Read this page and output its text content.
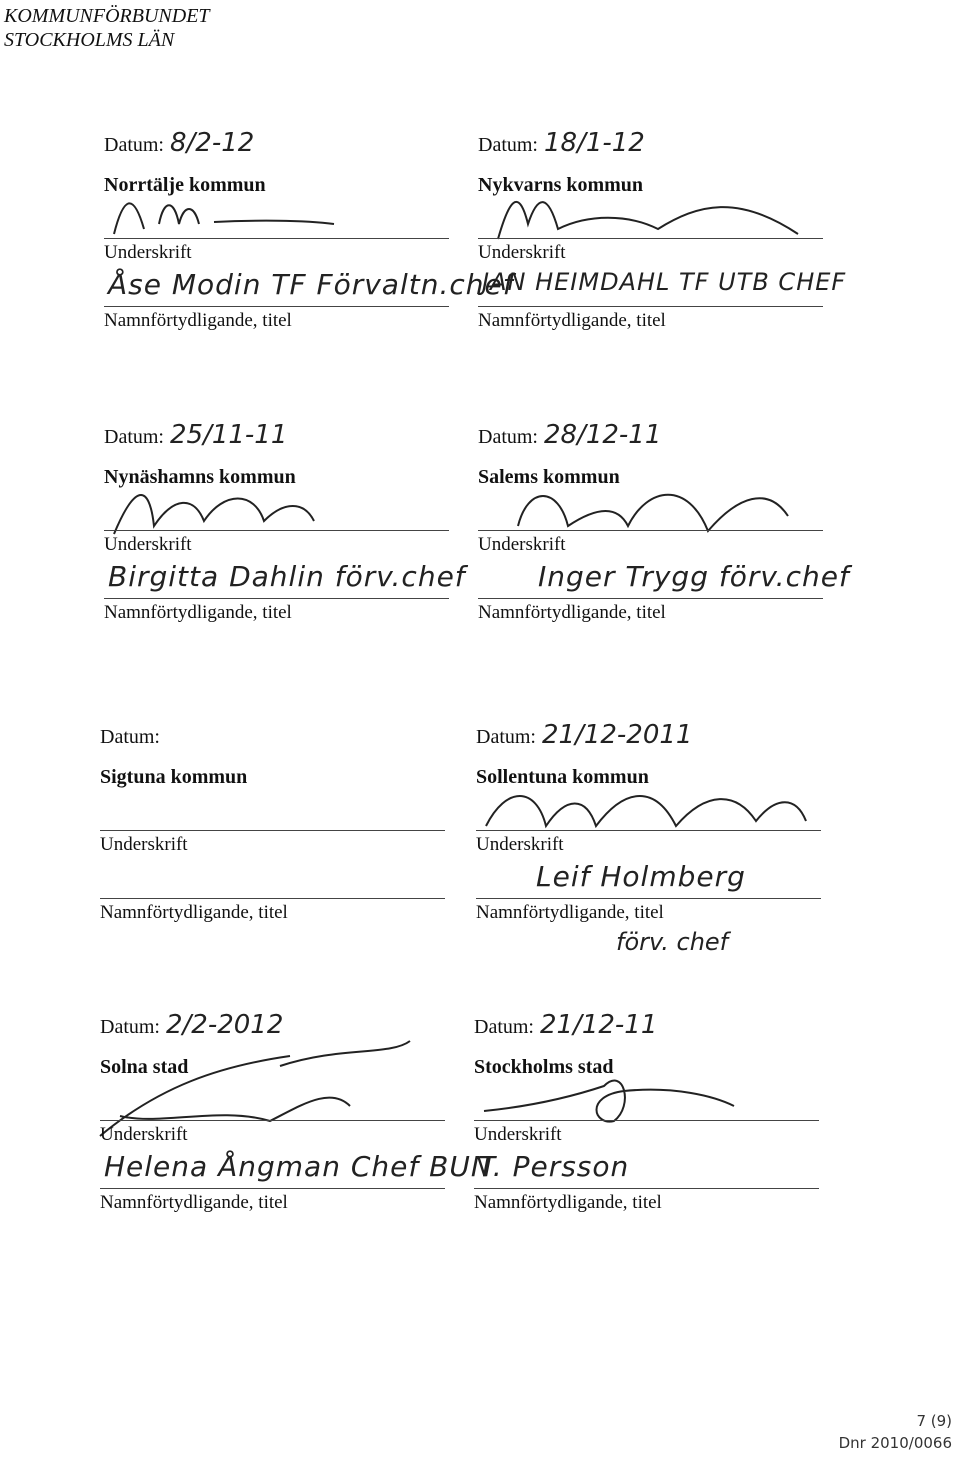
KOMMUNFÖRBUNDET
STOCKHOLMS LÄN
Datum: 8/2-12
Norrtälje kommun
Underskrift
Åse Modin TF Förvaltn.chef
Namnförtydligande, titel
Datum: 18/1-12
Nykvarns kommun
Underskrift
JAN HEIMDAHL TF UTB CHEF
Namnförtydligande, titel
Datum: 25/11-11
Nynäshamns kommun
Underskrift
Birgitta Dahlin förv.chef
Namnförtydligande, titel
Datum: 28/12-11
Salems kommun
Underskrift
Inger Trygg förv.chef
Namnförtydligande, titel
Datum:
Sigtuna kommun
Underskrift
Namnförtydligande, titel
Datum: 21/12-2011
Sollentuna kommun
Underskrift
Leif Holmberg
Namnförtydligande, titel
förv. chef
Datum: 2/2-2012
Solna stad
Underskrift
Helena Ångman Chef BUN
Namnförtydligande, titel
Datum: 21/12-11
Stockholms stad
Underskrift
T. Persson
Namnförtydligande, titel
7 (9)
Dnr 2010/0066
